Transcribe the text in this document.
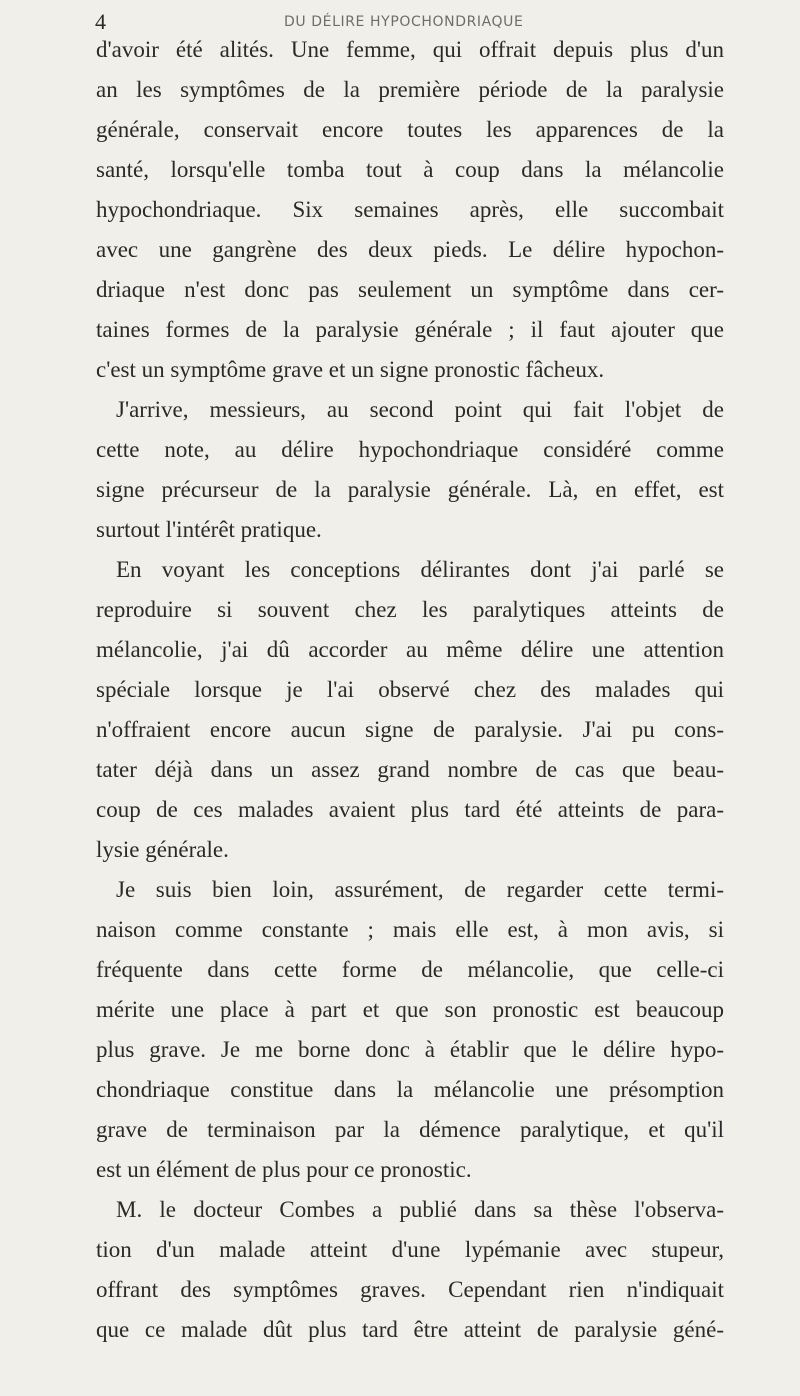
4	DU DÉLIRE HYPOCHONDRIAQUE
d'avoir été alités. Une femme, qui offrait depuis plus d'un
an les symptômes de la première période de la paralysie
générale, conservait encore toutes les apparences de la
santé, lorsqu'elle tomba tout à coup dans la mélancolie
hypochondriaque. Six semaines après, elle succombait
avec une gangrène des deux pieds. Le délire hypochon-
driaque n'est donc pas seulement un symptôme dans cer-
taines formes de la paralysie générale ; il faut ajouter que
c'est un symptôme grave et un signe pronostic fâcheux.
J'arrive, messieurs, au second point qui fait l'objet de
cette note, au délire hypochondriaque considéré comme
signe précurseur de la paralysie générale. Là, en effet, est
surtout l'intérêt pratique.
En voyant les conceptions délirantes dont j'ai parlé se
reproduire si souvent chez les paralytiques atteints de
mélancolie, j'ai dû accorder au même délire une attention
spéciale lorsque je l'ai observé chez des malades qui
n'offraient encore aucun signe de paralysie. J'ai pu cons-
tater déjà dans un assez grand nombre de cas que beau-
coup de ces malades avaient plus tard été atteints de para-
lysie générale.
Je suis bien loin, assurément, de regarder cette termi-
naison comme constante ; mais elle est, à mon avis, si
fréquente dans cette forme de mélancolie, que celle-ci
mérite une place à part et que son pronostic est beaucoup
plus grave. Je me borne donc à établir que le délire hypo-
chondriaque constitue dans la mélancolie une présomption
grave de terminaison par la démence paralytique, et qu'il
est un élément de plus pour ce pronostic.
M. le docteur Combes a publié dans sa thèse l'observa-
tion d'un malade atteint d'une lypémanie avec stupeur,
offrant des symptômes graves. Cependant rien n'indiquait
que ce malade dût plus tard être atteint de paralysie géné-
